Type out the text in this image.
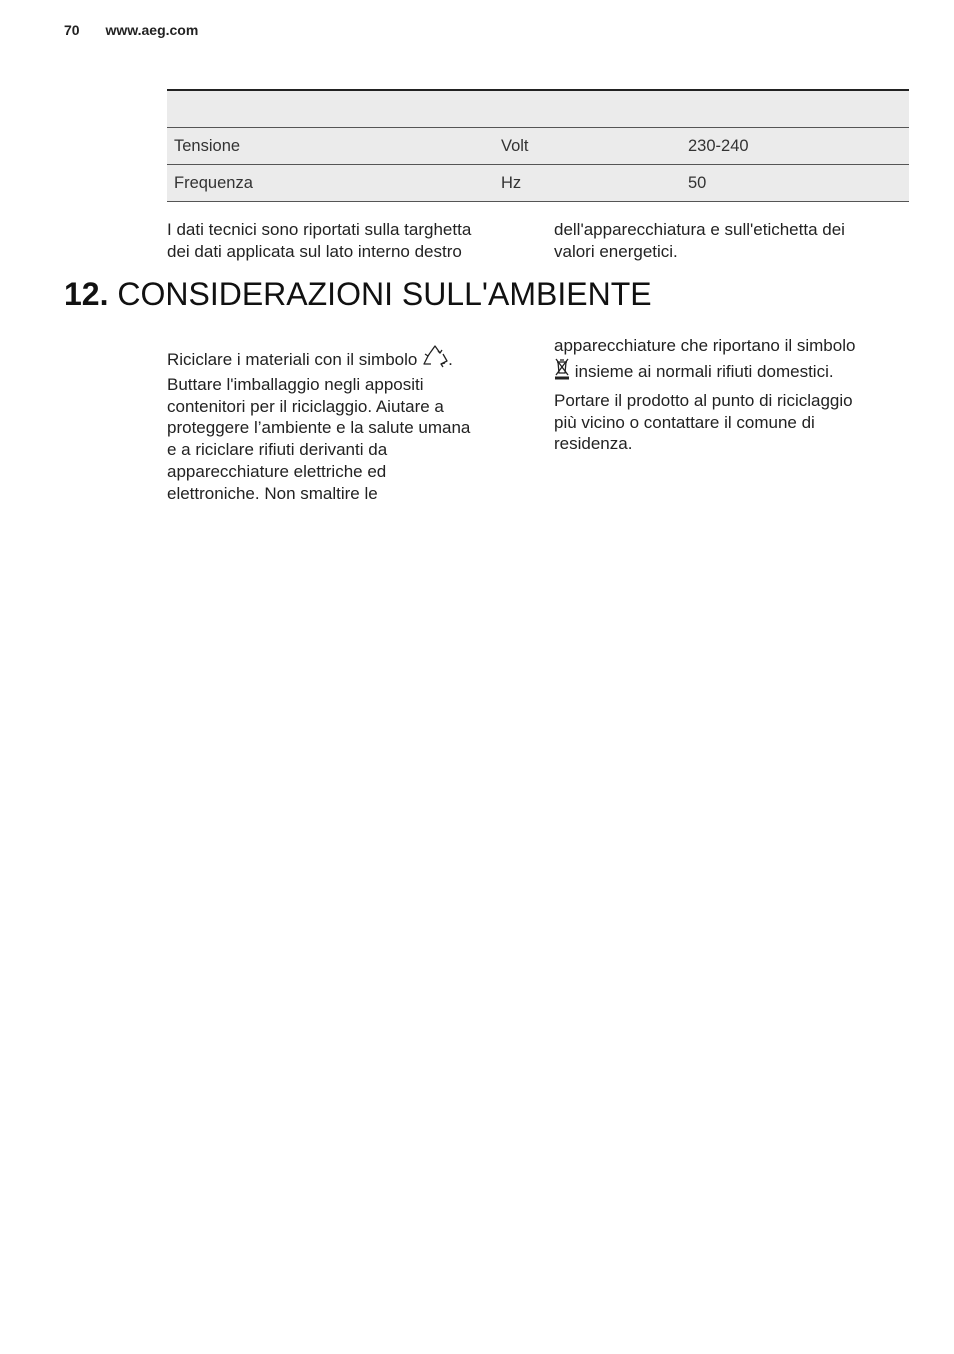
70 www.aeg.com

Tensione	Volt	230-240
Frequenza	Hz	50
I dati tecnici sono riportati sulla targhetta
dei dati applicata sul lato interno destro
dell'apparecchiatura e sull'etichetta dei
valori energetici.
12. CONSIDERAZIONI SULL'AMBIENTE
Riciclare i materiali con il simbolo .
Buttare l'imballaggio negli appositi
contenitori per il riciclaggio. Aiutare a
proteggere l’ambiente e la salute umana
e a riciclare rifiuti derivanti da
apparecchiature elettriche ed
elettroniche. Non smaltire le
apparecchiature che riportano il simbolo
insieme ai normali rifiuti domestici.
Portare il prodotto al punto di riciclaggio
più vicino o contattare il comune di
residenza.
